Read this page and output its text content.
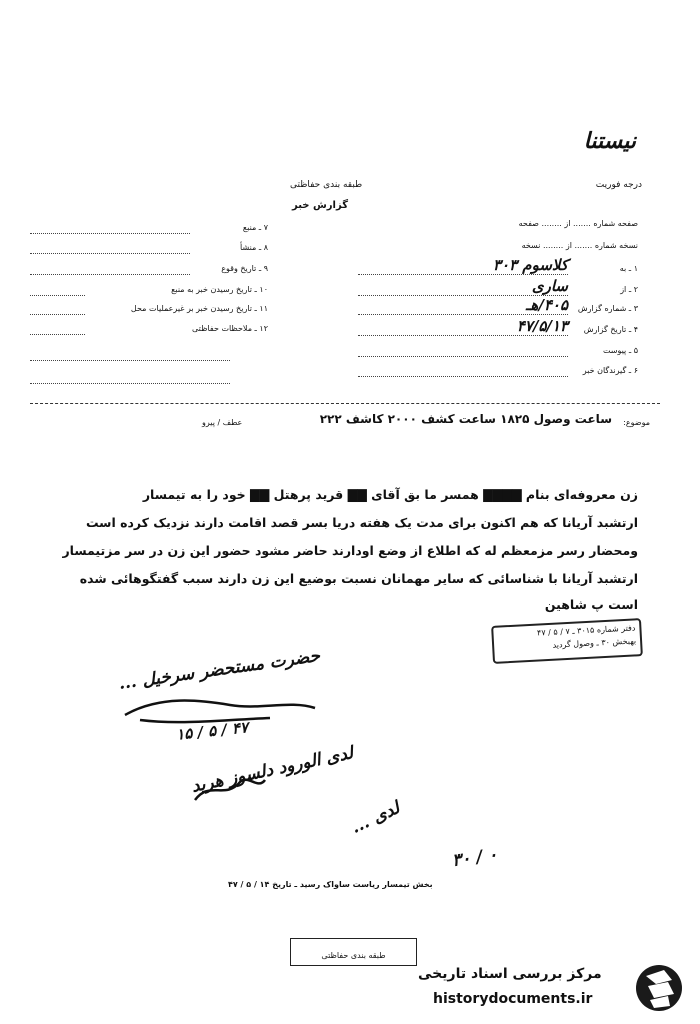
ﻧﯿﺴﺘﻨﺎ
درجه فوریت
طبقه بندی حفاظتی
گزارش خبر
صفحه شماره ....... از ........ صفحه
نسخه شماره ....... از ........ نسخه
۱ ـ به
کلاسوم ۳۰۳
۲ ـ از
ساری
۳ ـ شماره گزارش
۴۰۵/هـ
۴ ـ تاریخ گزارش
۴۷/۵/۱۳
۵ ـ پیوست
۶ ـ گیرندگان خبر
۷ ـ منبع
۸ ـ منشأ
۹ ـ تاریخ وقوع
۱۰ ـ تاریخ رسیدن خبر به منبع
۱۱ ـ تاریخ رسیدن خبر بر غیرعملیات محل
۱۲ ـ ملاحظات حفاظتی
موضوع:
ساعت وصول ۱۸۲۵ ساعت کشف ۲۰۰۰ کاشف ۲۲۲
عطف / پیرو
زن معروفه‌ای بنام ▇▇▇▇ همسر ما بق آقای ▇▇ قرید پرهتل ▇▇ خود را به تیمسار
ارتشبد آریانا که هم اکنون برای مدت یک هفته دریا بسر قصد اقامت دارند نزدیک کرده است
ومحضار رسر مزمعظم له که اطلاع از وضع اودارند حاضر مشود حضور این زن در سر مزتیمسار
ارتشبد آریانا با شناسائی که سایر مهمانان نسبت بوضیع این زن دارند سبب گفتگوهائی شده
است پ شاهین
دفتر شماره ۳۰۱۵ ـ ۷ / ۵ / ۴۷
بهبخش ۳۰ ـ وصول گردید
حضرت مستحضر سرخیل ...
۱۵ / ۵ / ۴۷
لدی الورود دلسوز هرید
لدی ...
۳۰ / ۰
بخش تیمسار ریاست ساواک رسید ـ تاریخ ۱۴ / ۵ / ۴۷
طبقه بندی حفاظتی
مرکز بررسی اسناد تاریخی
historydocuments.ir
